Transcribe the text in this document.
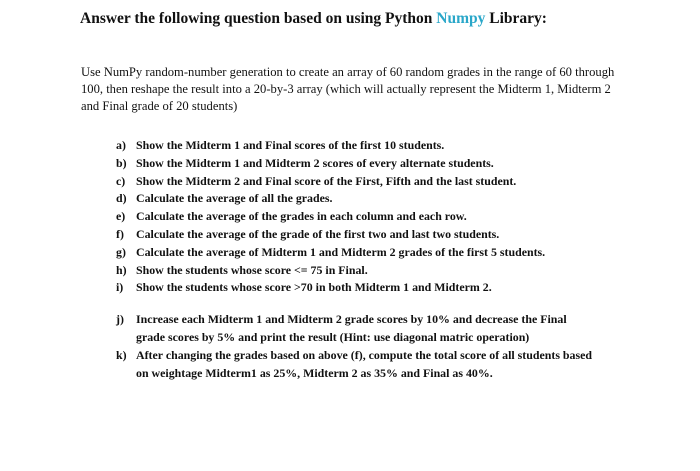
Answer the following question based on using Python Numpy Library:
Use NumPy random-number generation to create an array of 60 random grades in the range of 60 through 100, then reshape the result into a 20-by-3 array (which will actually represent the Midterm 1, Midterm 2 and Final grade of 20 students)
a) Show the Midterm 1 and Final scores of the first 10 students.
b) Show the Midterm 1 and Midterm 2 scores of every alternate students.
c) Show the Midterm 2 and Final score of the First, Fifth and the last student.
d) Calculate the average of all the grades.
e) Calculate the average of the grades in each column and each row.
f)	Calculate the average of the grade of the first two and last two students.
g) Calculate the average of Midterm 1 and Midterm 2 grades of the first 5 students.
h) Show the students whose score <= 75 in Final.
i)	Show the students whose score >70 in both Midterm 1 and Midterm 2.
j)	Increase each Midterm 1 and Midterm 2 grade scores by 10% and decrease the Final grade scores by 5% and print the result (Hint: use diagonal matric operation)
k) After changing the grades based on above (f), compute the total score of all students based on weightage Midterm1 as 25%, Midterm 2 as 35% and Final as 40%.
